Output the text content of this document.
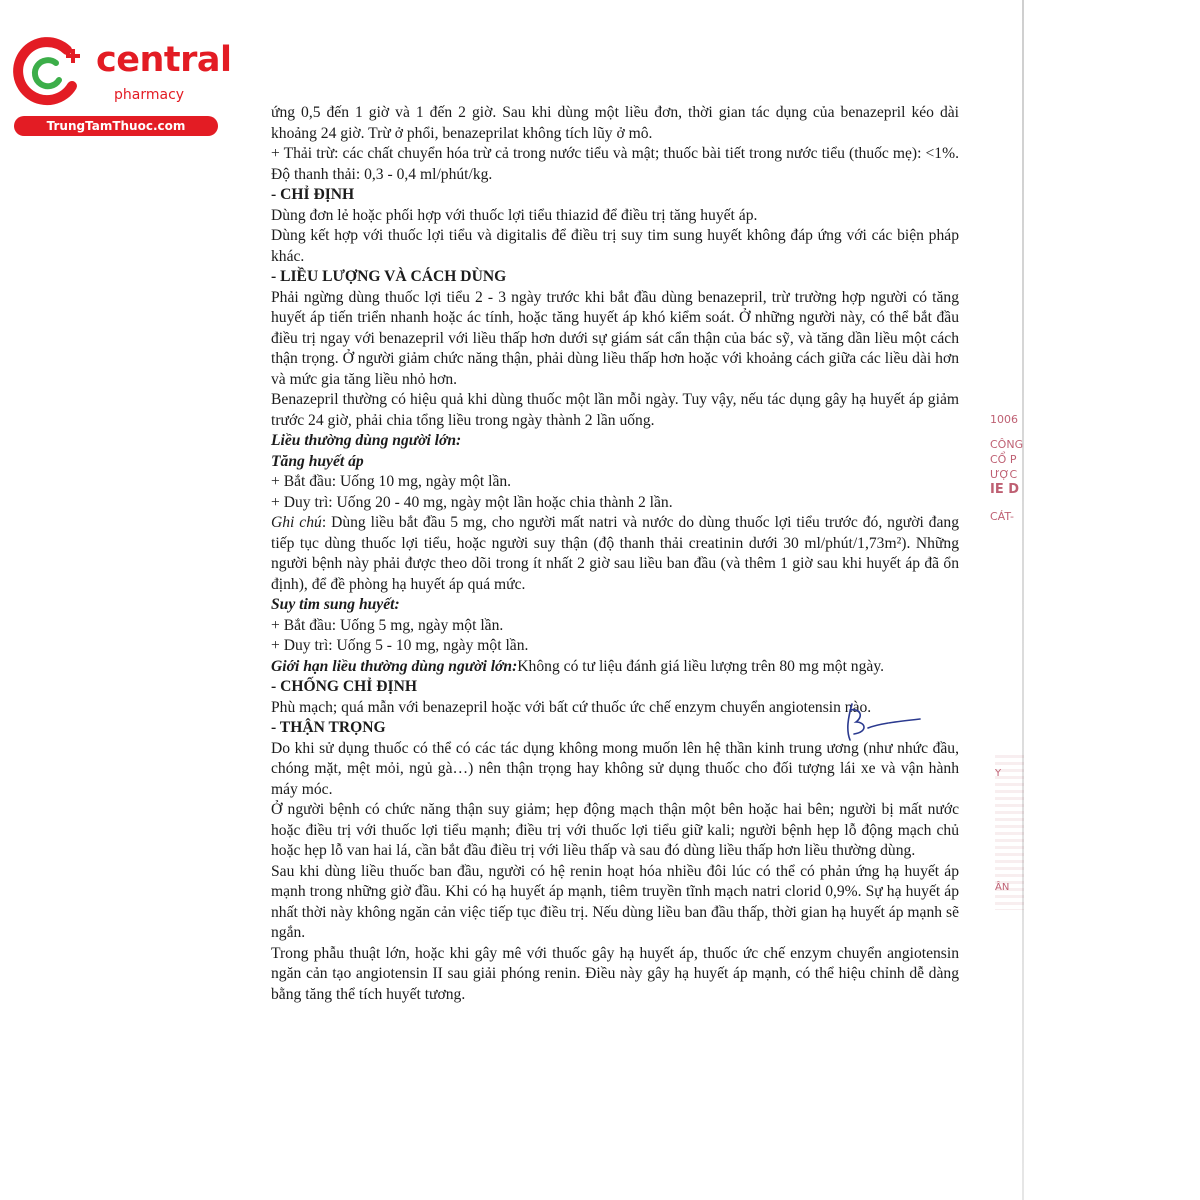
central
pharmacy
TrungTamThuoc.com

ứng 0,5 đến 1 giờ và 1 đến 2 giờ. Sau khi dùng một liều đơn, thời gian tác dụng của benazepril kéo dài khoảng 24 giờ. Trừ ở phổi, benazeprilat không tích lũy ở mô.

+ Thải trừ: các chất chuyển hóa trừ cả trong nước tiểu và mật; thuốc bài tiết trong nước tiểu (thuốc mẹ): <1%. Độ thanh thải: 0,3 - 0,4 ml/phút/kg.

- CHỈ ĐỊNH

Dùng đơn lẻ hoặc phối hợp với thuốc lợi tiểu thiazid để điều trị tăng huyết áp.

Dùng kết hợp với thuốc lợi tiểu và digitalis để điều trị suy tim sung huyết không đáp ứng với các biện pháp khác.

- LIỀU LƯỢNG VÀ CÁCH DÙNG

Phải ngừng dùng thuốc lợi tiểu 2 - 3 ngày trước khi bắt đầu dùng benazepril, trừ trường hợp người có tăng huyết áp tiến triển nhanh hoặc ác tính, hoặc tăng huyết áp khó kiểm soát. Ở những người này, có thể bắt đầu điều trị ngay với benazepril với liều thấp hơn dưới sự giám sát cẩn thận của bác sỹ, và tăng dần liều một cách thận trọng. Ở người giảm chức năng thận, phải dùng liều thấp hơn hoặc với khoảng cách giữa các liều dài hơn và mức gia tăng liều nhỏ hơn.

Benazepril thường có hiệu quả khi dùng thuốc một lần mỗi ngày. Tuy vậy, nếu tác dụng gây hạ huyết áp giảm trước 24 giờ, phải chia tổng liều trong ngày thành 2 lần uống.

Liều thường dùng người lớn:

Tăng huyết áp

+ Bắt đầu: Uống 10 mg, ngày một lần.

+ Duy trì: Uống 20 - 40 mg, ngày một lần hoặc chia thành 2 lần.

Ghi chú: Dùng liều bắt đầu 5 mg, cho người mất natri và nước do dùng thuốc lợi tiểu trước đó, người đang tiếp tục dùng thuốc lợi tiểu, hoặc người suy thận (độ thanh thải creatinin dưới 30 ml/phút/1,73m²). Những người bệnh này phải được theo dõi trong ít nhất 2 giờ sau liều ban đầu (và thêm 1 giờ sau khi huyết áp đã ổn định), để đề phòng hạ huyết áp quá mức.

Suy tim sung huyết:

+ Bắt đầu: Uống 5 mg, ngày một lần.

+ Duy trì: Uống 5 - 10 mg, ngày một lần.

Giới hạn liều thường dùng người lớn:Không có tư liệu đánh giá liều lượng trên 80 mg một ngày.

- CHỐNG CHỈ ĐỊNH

Phù mạch; quá mẫn với benazepril hoặc với bất cứ thuốc ức chế enzym chuyển angiotensin nào.

- THẬN TRỌNG

Do khi sử dụng thuốc có thể có các tác dụng không mong muốn lên hệ thần kinh trung ương (như nhức đầu, chóng mặt, mệt mỏi, ngủ gà…) nên thận trọng hay không sử dụng thuốc cho đối tượng lái xe và vận hành máy móc.

Ở người bệnh có chức năng thận suy giảm; hẹp động mạch thận một bên hoặc hai bên; người bị mất nước hoặc điều trị với thuốc lợi tiểu mạnh; điều trị với thuốc lợi tiểu giữ kali; người bệnh hẹp lỗ động mạch chủ hoặc hẹp lỗ van hai lá, cần bắt đầu điều trị với liều thấp và sau đó dùng liều thấp hơn liều thường dùng.

Sau khi dùng liều thuốc ban đầu, người có hệ renin hoạt hóa nhiều đôi lúc có thể có phản ứng hạ huyết áp mạnh trong những giờ đầu. Khi có hạ huyết áp mạnh, tiêm truyền tĩnh mạch natri clorid 0,9%. Sự hạ huyết áp nhất thời này không ngăn cản việc tiếp tục điều trị. Nếu dùng liều ban đầu thấp, thời gian hạ huyết áp mạnh sẽ ngắn.

Trong phẫu thuật lớn, hoặc khi gây mê với thuốc gây hạ huyết áp, thuốc ức chế enzym chuyển angiotensin ngăn cản tạo angiotensin II sau giải phóng renin. Điều này gây hạ huyết áp mạnh, có thể hiệu chỉnh dễ dàng bằng tăng thể tích huyết tương.

1006
CÔNG
CỔ P
ƯỢC
IE D
CÁT-
Y
ÂN
